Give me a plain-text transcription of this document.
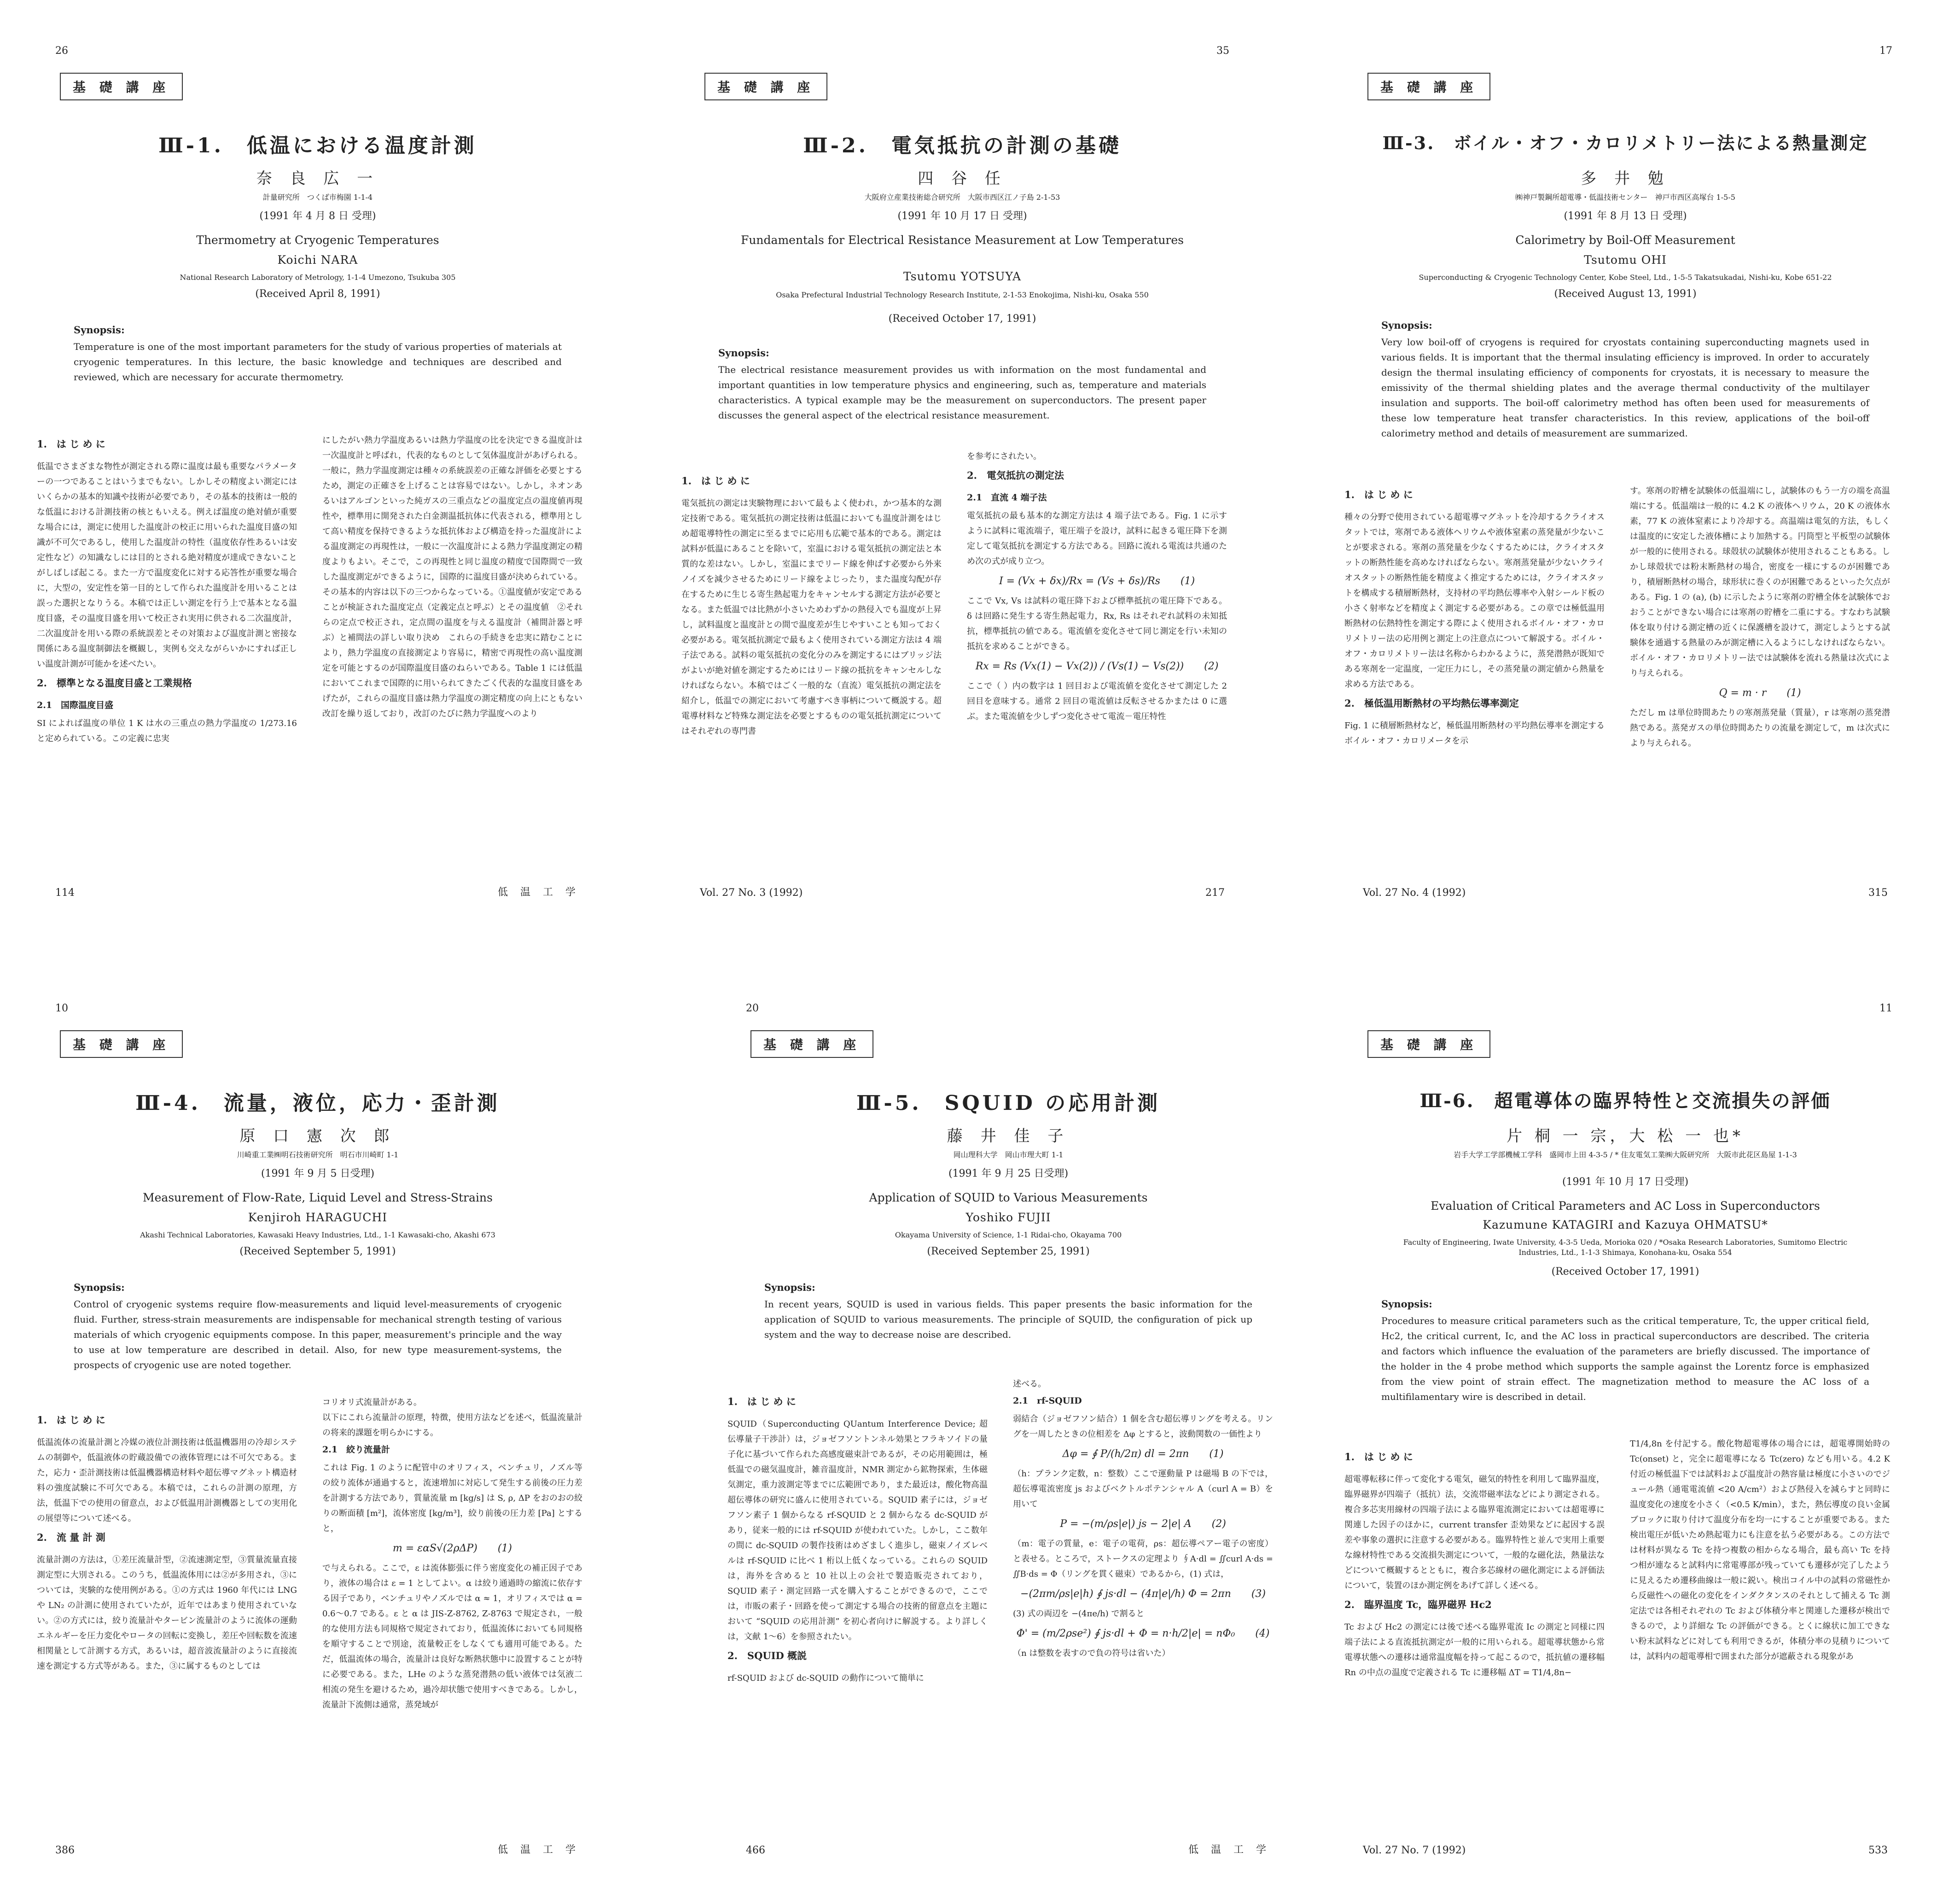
26
基 礎 講 座
Ⅲ-1.　低温における温度計測
奈 良 広 一
計量研究所　つくば市梅園 1-1-4
(1991 年 4 月 8 日 受理)
Thermometry at Cryogenic Temperatures
Koichi NARA
National Research Laboratory of Metrology, 1-1-4 Umezono, Tsukuba 305
(Received April 8, 1991)
Synopsis:
Temperature is one of the most important parameters for the study of various properties of materials at cryogenic temperatures. In this lecture, the basic knowledge and techniques are described and reviewed, which are necessary for accurate thermometry.
1.　は じ め に
低温でさまざまな物性が測定される際に温度は最も重要なパラメーターの一つであることはいうまでもない。しかしその精度よい測定にはいくらかの基本的知識や技術が必要であり，その基本的技術は一般的な低温における計測技術の核ともいえる。例えば温度の絶対値が重要な場合には，測定に使用した温度計の校正に用いられた温度目盛の知識が不可欠であるし，使用した温度計の特性（温度依存性あるいは安定性など）の知識なしには目的とされる絶対精度が達成できないことがしばしば起こる。また一方で温度変化に対する応答性が重要な場合に，大型の，安定性を第一目的として作られた温度計を用いることは誤った選択となりうる。本稿では正しい測定を行う上で基本となる温度目盛，その温度目盛を用いて校正され実用に供される二次温度計，二次温度計を用いる際の系統誤差とその対策および温度計測と密接な関係にある温度制御法を概観し，実例も交えながらいかにすれば正しい温度計測が可能かを述べたい。
2.　標準となる温度目盛と工業規格
2.1　国際温度目盛
SI によれば温度の単位 1 K は水の三重点の熱力学温度の 1/273.16 と定められている。この定義に忠実
にしたがい熱力学温度あるいは熱力学温度の比を決定できる温度計は一次温度計と呼ばれ，代表的なものとして気体温度計があげられる。一般に，熱力学温度測定は種々の系統誤差の正確な評価を必要とするため，測定の正確さを上げることは容易ではない。しかし，ネオンあるいはアルゴンといった純ガスの三重点などの温度定点の温度値再現性や，標準用に開発された白金測温抵抗体に代表される，標準用として高い精度を保持できるような抵抗体および構造を持った温度計による温度測定の再現性は，一般に一次温度計による熱力学温度測定の精度よりもよい。そこで，この再現性と同じ温度の精度で国際間で一致した温度測定ができるように，国際的に温度目盛が決められている。その基本的内容は以下の三つからなっている。①温度値が安定であることが検証された温度定点（定義定点と呼ぶ）とその温度値　②それらの定点で校正され，定点間の温度を与える温度計（補間計器と呼ぶ）と補間法の詳しい取り決め　これらの手続きを忠実に踏むことにより，熱力学温度の直接測定より容易に，精密で再現性の高い温度測定を可能とするのが国際温度目盛のねらいである。Table 1 には低温においてこれまで国際的に用いられてきたごく代表的な温度目盛をあげたが，これらの温度目盛は熱力学温度の測定精度の向上にともない改訂を繰り返しており，改訂のたびに熱力学温度へのより
114	低 温 工 学
35
基 礎 講 座
Ⅲ-2.　電気抵抗の計測の基礎
四 谷 任
大阪府立産業技術総合研究所　大阪市西区江ノ子島 2-1-53
(1991 年 10 月 17 日 受理)
Fundamentals for Electrical Resistance Measurement at Low Temperatures
Tsutomu YOTSUYA
Osaka Prefectural Industrial Technology Research Institute, 2-1-53 Enokojima, Nishi-ku, Osaka 550
(Received October 17, 1991)
Synopsis:
The electrical resistance measurement provides us with information on the most fundamental and important quantities in low temperature physics and engineering, such as, temperature and materials characteristics. A typical example may be the measurement on superconductors. The present paper discusses the general aspect of the electrical resistance measurement.
1.　は じ め に
電気抵抗の測定は実験物理において最もよく使われ，かつ基本的な測定技術である。電気抵抗の測定技術は低温においても温度計測をはじめ超電導特性の測定に至るまでに応用も広範で基本的である。測定は試料が低温にあることを除いて，室温における電気抵抗の測定法と本質的な差はない。しかし，室温にまでリード線を伸ばす必要から外来ノイズを減少させるためにリード線をよじったり，また温度勾配が存在するために生じる寄生熱起電力をキャンセルする測定方法が必要となる。また低温では比熱が小さいためわずかの熱侵入でも温度が上昇し，試料温度と温度計との間で温度差が生じやすいことも知っておく必要がある。電気抵抗測定で最もよく使用されている測定方法は 4 端子法である。試料の電気抵抗の変化分のみを測定するにはブリッジ法がよいが絶対値を測定するためにはリード線の抵抗をキャンセルしなければならない。本稿ではごく一般的な（直流）電気抵抗の測定法を紹介し，低温での測定において考慮すべき事柄について概説する。超電導材料など特殊な測定法を必要とするものの電気抵抗測定についてはそれぞれの専門書
を参考にされたい。
2.　電気抵抗の測定法
2.1　直流 4 端子法
電気抵抗の最も基本的な測定方法は 4 端子法である。Fig. 1 に示すように試料に電流端子，電圧端子を設け，試料に起きる電圧降下を測定して電気抵抗を測定する方法である。回路に流れる電流は共通のため次の式が成り立つ。
I = (Vx + δx)/Rx = (Vs + δs)/Rs　　(1)
ここで Vx, Vs は試料の電圧降下および標準抵抗の電圧降下である。δ は回路に発生する寄生熱起電力，Rx, Rs はそれぞれ試料の未知抵抗，標準抵抗の値である。電流値を変化させて同じ測定を行い未知の抵抗を求めることができる。
Rx = Rs (Vx(1) − Vx(2)) / (Vs(1) − Vs(2))　　(2)
ここで（ ）内の数字は 1 回目および電流値を変化させて測定した 2 回目を意味する。通常 2 回目の電流値は反転させるかまたは 0 に選ぶ。また電流値を少しずつ変化させて電流－電圧特性
Vol. 27 No. 3 (1992)	217
17
基 礎 講 座
Ⅲ-3.　ボイル・オフ・カロリメトリー法による熱量測定
多 井 勉
㈱神戸製鋼所超電導・低温技術センター　神戸市西区高塚台 1-5-5
(1991 年 8 月 13 日 受理)
Calorimetry by Boil-Off Measurement
Tsutomu OHI
Superconducting & Cryogenic Technology Center, Kobe Steel, Ltd., 1-5-5 Takatsukadai, Nishi-ku, Kobe 651-22
(Received August 13, 1991)
Synopsis:
Very low boil-off of cryogens is required for cryostats containing superconducting magnets used in various fields. It is important that the thermal insulating efficiency is improved. In order to accurately design the thermal insulating efficiency of components for cryostats, it is necessary to measure the emissivity of the thermal shielding plates and the average thermal conductivity of the multilayer insulation and supports. The boil-off calorimetry method has often been used for measurements of these low temperature heat transfer characteristics. In this review, applications of the boil-off calorimetry method and details of measurement are summarized.
1.　は じ め に
種々の分野で使用されている超電導マグネットを冷却するクライオスタットでは，寒剤である液体ヘリウムや液体窒素の蒸発量が少ないことが要求される。寒剤の蒸発量を少なくするためには，クライオスタットの断熱性能を高めなければならない。寒剤蒸発量が少ないクライオスタットの断熱性能を精度よく推定するためには，クライオスタットを構成する積層断熱材，支持材の平均熱伝導率や入射シールド板の小さく射率などを精度よく測定する必要がある。この章では極低温用断熱材の伝熱特性を測定する際によく使用されるボイル・オフ・カロリメトリー法の応用例と測定上の注意点について解説する。ボイル・オフ・カロリメトリー法は名称からわかるように，蒸発潜熱が既知である寒剤を一定温度，一定圧力にし，その蒸発量の測定値から熱量を求める方法である。
2.　極低温用断熱材の平均熱伝導率測定
Fig. 1 に積層断熱材など，極低温用断熱材の平均熱伝導率を測定するボイル・オフ・カロリメータを示
す。寒剤の貯槽を試験体の低温端にし，試験体のもう一方の端を高温端にする。低温端は一般的に 4.2 K の液体ヘリウム，20 K の液体水素，77 K の液体窒素により冷却する。高温端は電気的方法，もしくは温度的に安定した液体槽により加熱する。円筒型と平板型の試験体が一般的に使用される。球殻状の試験体が使用されることもある。しかし球殻状では粉末断熱材の場合，密度を一様にするのが困難であり，積層断熱材の場合，球形状に巻くのが困難であるといった欠点がある。Fig. 1 の (a), (b) に示したように寒剤の貯槽全体を試験体でおおうことができない場合には寒剤の貯槽を二重にする。すなわち試験体を取り付ける測定槽の近くに保護槽を設けて，測定しようとする試験体を通過する熱量のみが測定槽に入るようにしなければならない。ボイル・オフ・カロリメトリー法では試験体を流れる熱量は次式により与えられる。
Q = m · r　　(1)
ただし m は単位時間あたりの寒剤蒸発量（質量），r は寒剤の蒸発潜熱である。蒸発ガスの単位時間あたりの流量を測定して，m は次式により与えられる。
Vol. 27 No. 4 (1992)	315
10
基 礎 講 座
Ⅲ-4.　流量，液位，応力・歪計測
原 口 憲 次 郎
川崎重工業㈱明石技術研究所　明石市川崎町 1-1
(1991 年 9 月 5 日受理)
Measurement of Flow-Rate, Liquid Level and Stress-Strains
Kenjiroh HARAGUCHI
Akashi Technical Laboratories, Kawasaki Heavy Industries, Ltd., 1-1 Kawasaki-cho, Akashi 673
(Received September 5, 1991)
Synopsis:
Control of cryogenic systems require flow-measurements and liquid level-measurements of cryogenic fluid. Further, stress-strain measurements are indispensable for mechanical strength testing of various materials of which cryogenic equipments compose. In this paper, measurement's principle and the way to use at low temperature are described in detail. Also, for new type measurement-systems, the prospects of cryogenic use are noted together.
1.　は じ め に
低温流体の流量計測と冷媒の液位計測技術は低温機器用の冷却システムの制御や，低温液体の貯蔵設備での液体管理には不可欠である。また，応力・歪計測技術は低温機器構造材料や超伝導マグネット構造材料の強度試験に不可欠である。本稿では，これらの計測の原理，方法，低温下での使用の留意点，および低温用計測機器としての実用化の展望等について述べる。
2.　流 量 計 測
流量計測の方法は，①差圧流量計型，②流速測定型，③質量流量直接測定型に大別される。このうち，低温流体用には②が多用され，③については，実験的な使用例がある。①の方式は 1960 年代には LNG や LN₂ の計測に使用されていたが，近年ではあまり使用されていない。②の方式には，絞り流量計やタービン流量計のように流体の運動エネルギーを圧力変化やロータの回転に変換し，差圧や回転数を流速相関量として計測する方式，あるいは，超音波流量計のように直接流速を測定する方式等がある。また，③に属するものとしては
コリオリ式流量計がある。
以下にこれら流量計の原理，特徴，使用方法などを述べ，低温流量計の将来的課題を明らかにする。
2.1　絞り流量計
これは Fig. 1 のように配管中のオリフィス，ベンチュリ，ノズル等の絞り流体が通過すると，流速増加に対応して発生する前後の圧力差を計測する方法であり，質量流量 m [kg/s] は S, ρ, ΔP をおのおの絞りの断面積 [m²]，流体密度 [kg/m³]，絞り前後の圧力差 [Pa] とすると，
m = εαS√(2ρΔP)　　(1)
で与えられる。ここで，ε は流体膨張に伴う密度変化の補正因子であり，液体の場合は ε = 1 としてよい。α は絞り通過時の縮流に依存する因子であり，ベンチュリやノズルでは α ≈ 1，オリフィスでは α = 0.6〜0.7 である。ε と α は JIS-Z-8762, Z-8763 で規定され，一般的な使用方法も同規格で規定されており，低温流体においても同規格を順守することで別途，流量較正をしなくても適用可能である。ただ，低温流体の場合，流量計は良好な断熱状態中に設置することが特に必要である。また，LHe のような蒸発潜熱の低い液体では気液二相流の発生を避けるため，過冷却状態で使用すべきである。しかし，流量計下流側は通常，蒸発域が
386	低 温 工 学
20
基 礎 講 座
Ⅲ-5.　SQUID の応用計測
藤 井 佳 子
岡山理科大学　岡山市理大町 1-1
(1991 年 9 月 25 日受理)
Application of SQUID to Various Measurements
Yoshiko FUJII
Okayama University of Science, 1-1 Ridai-cho, Okayama 700
(Received September 25, 1991)
Synopsis:
In recent years, SQUID is used in various fields. This paper presents the basic information for the application of SQUID to various measurements. The principle of SQUID, the configuration of pick up system and the way to decrease noise are described.
1.　は じ め に
SQUID（Superconducting QUantum Interference Device; 超伝導量子干渉計）は，ジョゼフソントンネル効果とフラキソイドの量子化に基づいて作られた高感度磁束計であるが，その応用範囲は，極低温での磁気温度計，雑音温度計，NMR 測定から鉱物探索，生体磁気測定，重力波測定等までに広範囲であり，また最近は，酸化物高温超伝導体の研究に盛んに使用されている。SQUID 素子には，ジョゼフソン素子 1 個からなる rf-SQUID と 2 個からなる dc-SQUID があり，従来一般的には rf-SQUID が使われていた。しかし，ここ数年の間に dc-SQUID の製作技術はめざましく進歩し，磁束ノイズレベルは rf-SQUID に比べ 1 桁以上低くなっている。これらの SQUID は，海外を含めると 10 社以上の会社で製造販売されており，SQUID 素子・測定回路一式を購入することができるので，ここでは，市販の素子・回路を使って測定する場合の技術的留意点を主題において “SQUID の応用計測” を初心者向けに解説する。より詳しくは，文献 1〜6）を参照されたい。
2.　SQUID 概説
rf-SQUID および dc-SQUID の動作について簡単に
述べる。
2.1　rf-SQUID
弱結合（ジョゼフソン結合）1 個を含む超伝導リングを考える。リングを一周したときの位相差を Δφ とすると，波動関数の一価性より
Δφ = ∮ P/(h/2π) dl = 2πn　　(1)
（h：プランク定数，n：整数）ここで運動量 P は磁場 B の下では，超伝導電流密度 js およびベクトルポテンシャル A（curl A = B）を用いて
P = −(m/ρs|e|) js − 2|e| A　　(2)
（m：電子の質量，e：電子の電荷，ρs：超伝導ペアー電子の密度）と表せる。ところで，ストークスの定理より ∮A·dl = ∬curl A·ds = ∬B·ds = Φ（リングを貫く磁束）であるから，(1) 式は，
−(2πm/ρs|e|h) ∮ js·dl − (4π|e|/h) Φ = 2πn　　(3)
(3) 式の両辺を −(4πe/h) で割ると
Φ' = (m/2ρse²) ∮ js·dl + Φ = n·h/2|e| = nΦ₀　　(4)
（n は整数を表すので負の符号は省いた）
466	低 温 工 学
11
基 礎 講 座
Ⅲ-6.　超電導体の臨界特性と交流損失の評価
片 桐 一 宗，大 松 一 也*
岩手大学工学部機械工学科　盛岡市上田 4-3-5 / * 住友電気工業㈱大阪研究所　大阪市此花区島屋 1-1-3
(1991 年 10 月 17 日受理)
Evaluation of Critical Parameters and AC Loss in Superconductors
Kazumune KATAGIRI and Kazuya OHMATSU*
Faculty of Engineering, Iwate University, 4-3-5 Ueda, Morioka 020 / *Osaka Research Laboratories, Sumitomo Electric Industries, Ltd., 1-1-3 Shimaya, Konohana-ku, Osaka 554
(Received October 17, 1991)
Synopsis:
Procedures to measure critical parameters such as the critical temperature, Tc, the upper critical field, Hc2, the critical current, Ic, and the AC loss in practical superconductors are described. The criteria and factors which influence the evaluation of the parameters are briefly discussed. The importance of the holder in the 4 probe method which supports the sample against the Lorentz force is emphasized from the view point of strain effect. The magnetization method to measure the AC loss of a multifilamentary wire is described in detail.
1.　は じ め に
超電導転移に伴って変化する電気，磁気的特性を利用して臨界温度，臨界磁界が四端子（抵抗）法，交流帯磁率法などにより測定される。複合多芯実用線材の四端子法による臨界電流測定においては超電導に関連した因子のほかに，current transfer 歪効果などに起因する誤差や事象の選択に注意する必要がある。臨界特性と並んで実用上重要な線材特性である交流損失測定について，一般的な磁化法，熱量法などについて概観するとともに，複合多芯線材の磁化測定による評価法について，装置のほか測定例をあげて詳しく述べる。
2.　臨界温度 Tc，臨界磁界 Hc2
Tc および Hc2 の測定には後で述べる臨界電流 Ic の測定と同様に四端子法による直流抵抗測定が一般的に用いられる。超電導状態から常電導状態への遷移は通常温度幅を持って起こるので，抵抗値の遷移幅 Rn の中点の温度で定義される Tc に遷移幅 ΔT = T1/4,8n−
T1/4,8n を付記する。酸化物超電導体の場合には，超電導開始時の Tc(onset) と，完全に超電導になる Tc(zero) なども用いる。4.2 K 付近の極低温下では試料および温度計の熱容量は極度に小さいのでジュール熱（通電電流値 <20 A/cm²）および熱侵入を減らすと同時に温度変化の速度を小さく（<0.5 K/min），また，熱伝導度の良い金属ブロックに取り付けて温度分布を均一にすることが重要である。また検出電圧が低いため熱起電力にも注意を払う必要がある。この方法では材料が異なる Tc を持つ複数の相からなる場合，最も高い Tc を持つ相が連なると試料内に常電導部が残っていても遷移が完了したように見えるため遷移曲線は一般に鋭い。検出コイル中の試料の常磁性から反磁性への磁化の変化をインダクタンスのそれとして捕える Tc 測定法では各相それぞれの Tc および体積分率と関連した遷移が検出できるので，より詳細な Tc の評価ができる。とくに線状に加工できない粉末試料などに対しても利用できるが，体積分率の見積りについては，試料内の超電導相で囲まれた部分が遮蔽される現象があ
Vol. 27 No. 7 (1992)	533
